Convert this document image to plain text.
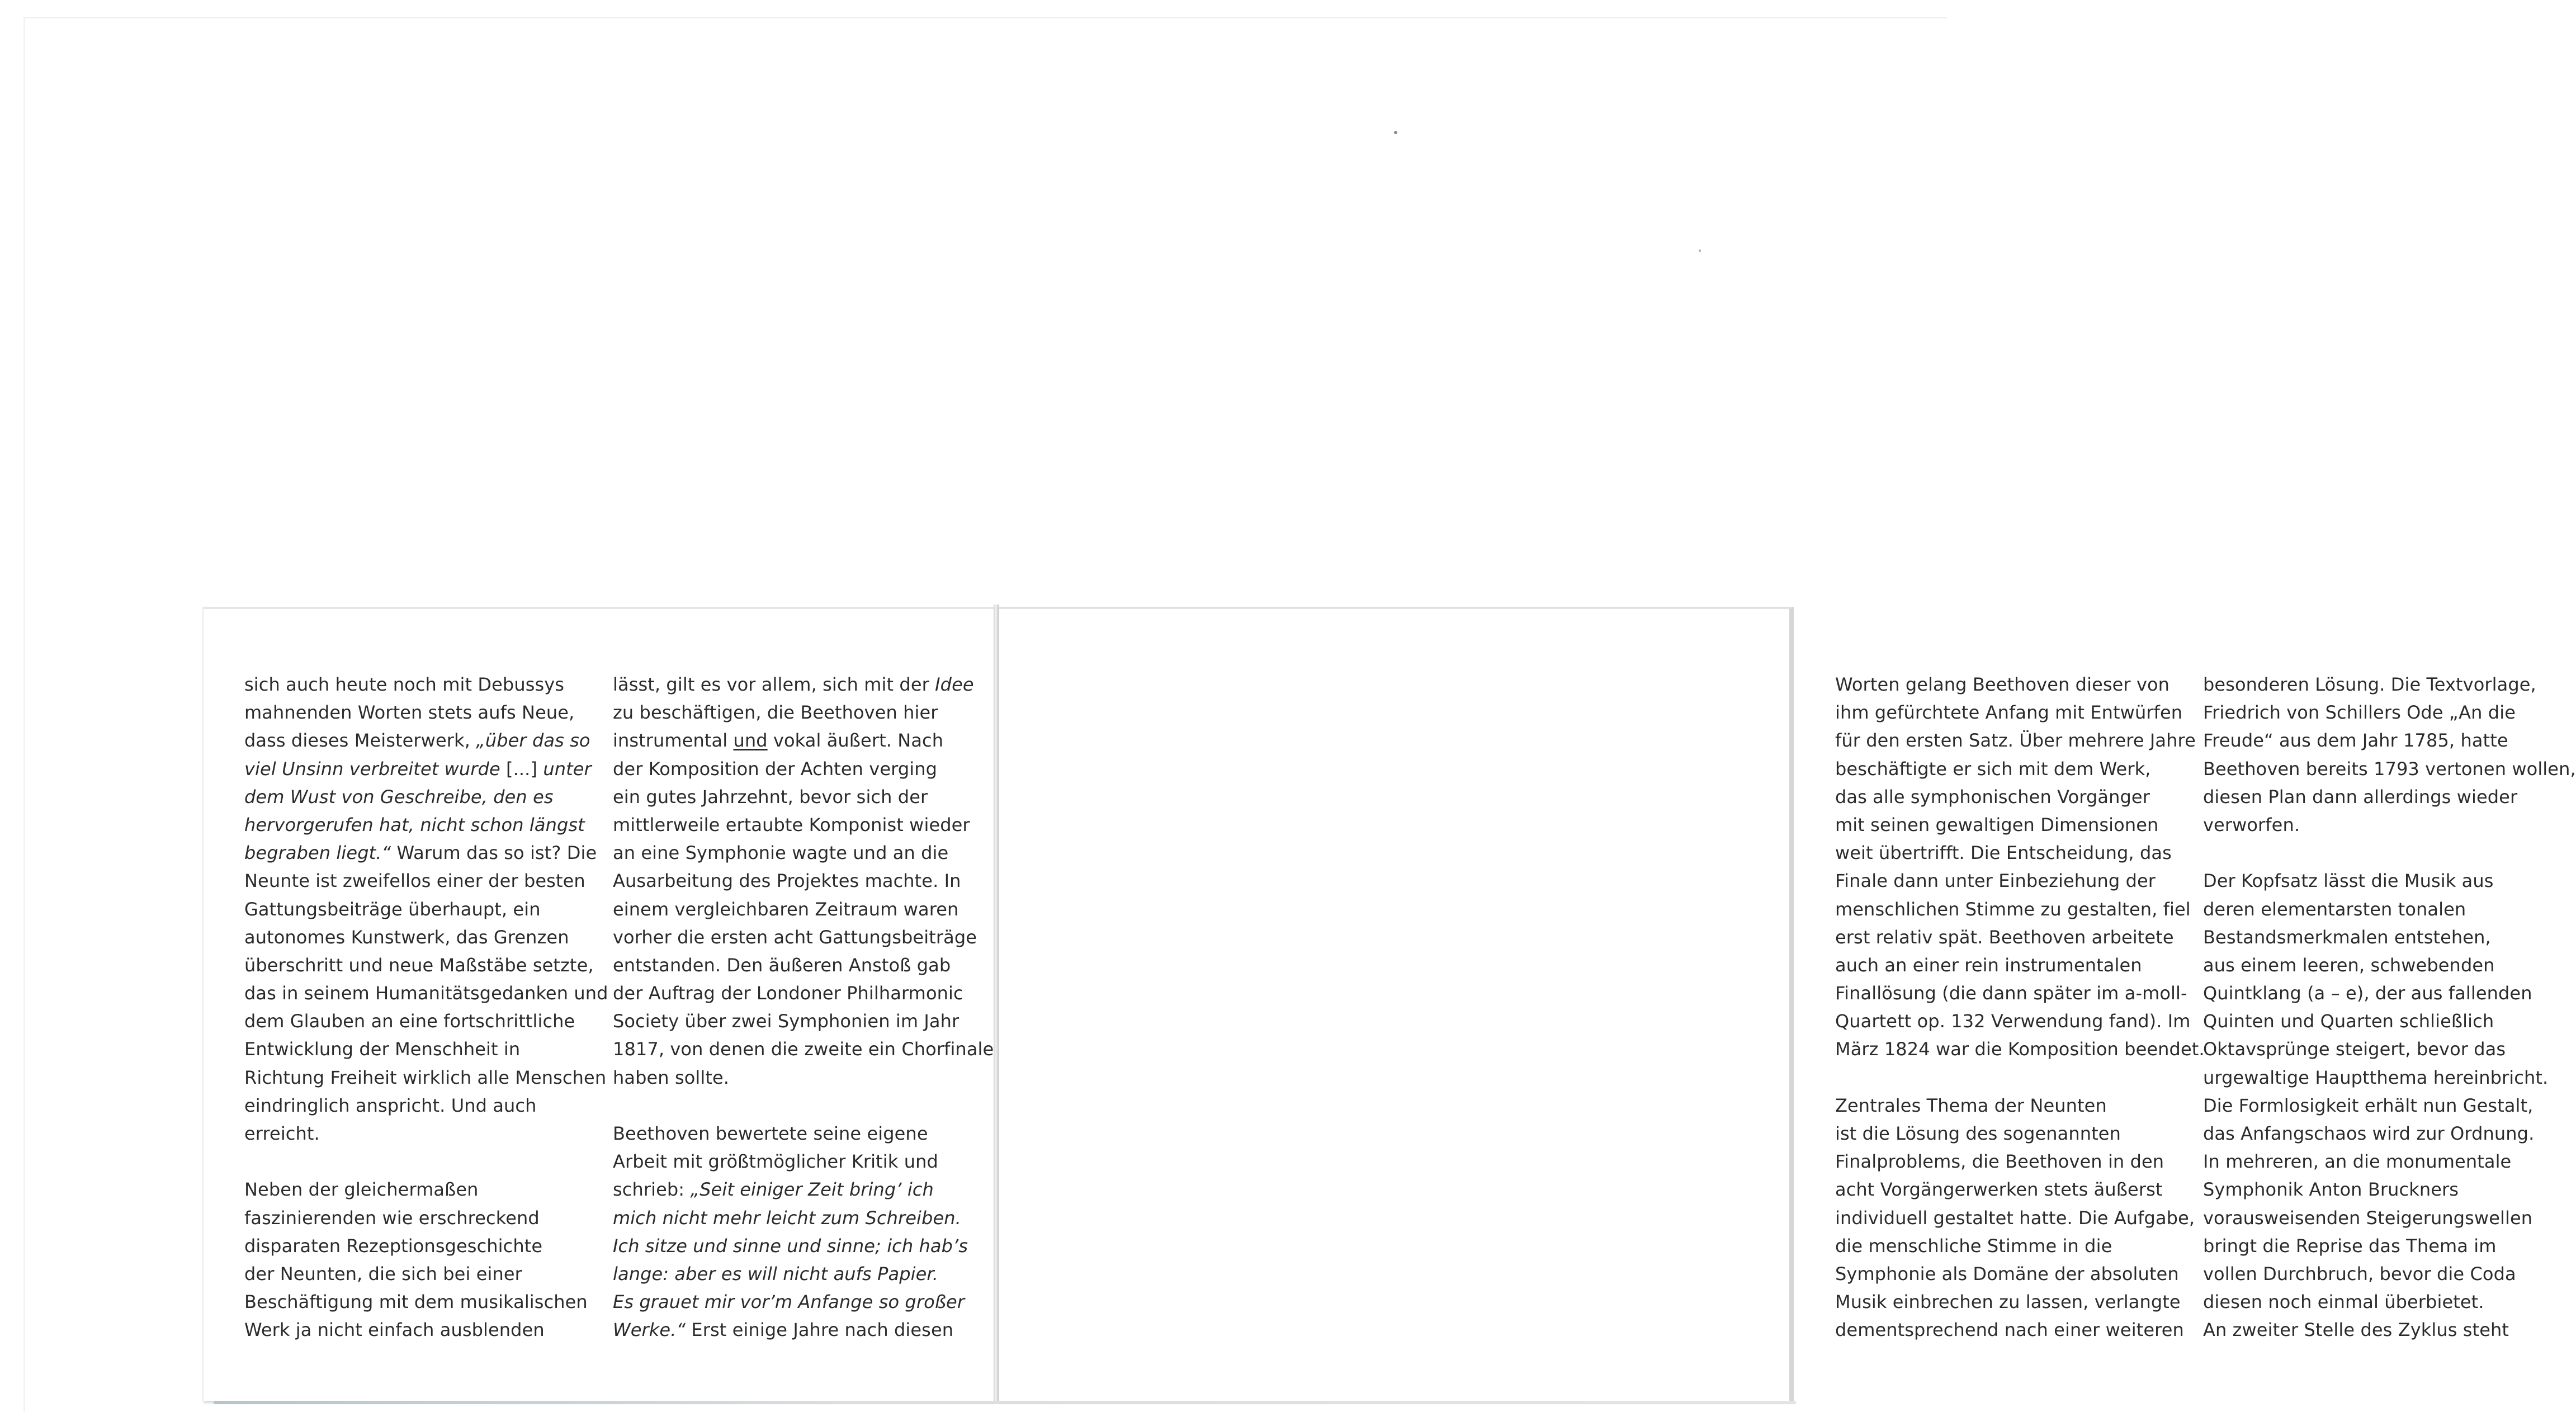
sich auch heute noch mit Debussys
mahnenden Worten stets aufs Neue,
dass dieses Meisterwerk, „über das so
viel Unsinn verbreitet wurde [...] unter
dem Wust von Geschreibe, den es
hervorgerufen hat, nicht schon längst
begraben liegt.“ Warum das so ist? Die
Neunte ist zweifellos einer der besten
Gattungsbeiträge überhaupt, ein
autonomes Kunstwerk, das Grenzen
überschritt und neue Maßstäbe setzte,
das in seinem Humanitätsgedanken und
dem Glauben an eine fortschrittliche
Entwicklung der Menschheit in
Richtung Freiheit wirklich alle Menschen
eindringlich anspricht. Und auch
erreicht.
Neben der gleichermaßen
faszinierenden wie erschreckend
disparaten Rezeptionsgeschichte
der Neunten, die sich bei einer
Beschäftigung mit dem musikalischen
Werk ja nicht einfach ausblenden
lässt, gilt es vor allem, sich mit der Idee
zu beschäftigen, die Beethoven hier
instrumental und vokal äußert. Nach
der Komposition der Achten verging
ein gutes Jahrzehnt, bevor sich der
mittlerweile ertaubte Komponist wieder
an eine Symphonie wagte und an die
Ausarbeitung des Projektes machte. In
einem vergleichbaren Zeitraum waren
vorher die ersten acht Gattungsbeiträge
entstanden. Den äußeren Anstoß gab
der Auftrag der Londoner Philharmonic
Society über zwei Symphonien im Jahr
1817, von denen die zweite ein Chorfinale
haben sollte.
Beethoven bewertete seine eigene
Arbeit mit größtmöglicher Kritik und
schrieb: „Seit einiger Zeit bring’ ich
mich nicht mehr leicht zum Schreiben.
Ich sitze und sinne und sinne; ich hab’s
lange: aber es will nicht aufs Papier.
Es grauet mir vor’m Anfange so großer
Werke.“ Erst einige Jahre nach diesen
Worten gelang Beethoven dieser von
ihm gefürchtete Anfang mit Entwürfen
für den ersten Satz. Über mehrere Jahre
beschäftigte er sich mit dem Werk,
das alle symphonischen Vorgänger
mit seinen gewaltigen Dimensionen
weit übertrifft. Die Entscheidung, das
Finale dann unter Einbeziehung der
menschlichen Stimme zu gestalten, fiel
erst relativ spät. Beethoven arbeitete
auch an einer rein instrumentalen
Finallösung (die dann später im a-moll-
Quartett op. 132 Verwendung fand). Im
März 1824 war die Komposition beendet.
Zentrales Thema der Neunten
ist die Lösung des sogenannten
Finalproblems, die Beethoven in den
acht Vorgängerwerken stets äußerst
individuell gestaltet hatte. Die Aufgabe,
die menschliche Stimme in die
Symphonie als Domäne der absoluten
Musik einbrechen zu lassen, verlangte
dementsprechend nach einer weiteren
besonderen Lösung. Die Textvorlage,
Friedrich von Schillers Ode „An die
Freude“ aus dem Jahr 1785, hatte
Beethoven bereits 1793 vertonen wollen,
diesen Plan dann allerdings wieder
verworfen.
Der Kopfsatz lässt die Musik aus
deren elementarsten tonalen
Bestandsmerkmalen entstehen,
aus einem leeren, schwebenden
Quintklang (a – e), der aus fallenden
Quinten und Quarten schließlich
Oktavsprünge steigert, bevor das
urgewaltige Hauptthema hereinbricht.
Die Formlosigkeit erhält nun Gestalt,
das Anfangschaos wird zur Ordnung.
In mehreren, an die monumentale
Symphonik Anton Bruckners
vorausweisenden Steigerungswellen
bringt die Reprise das Thema im
vollen Durchbruch, bevor die Coda
diesen noch einmal überbietet.
An zweiter Stelle des Zyklus steht
